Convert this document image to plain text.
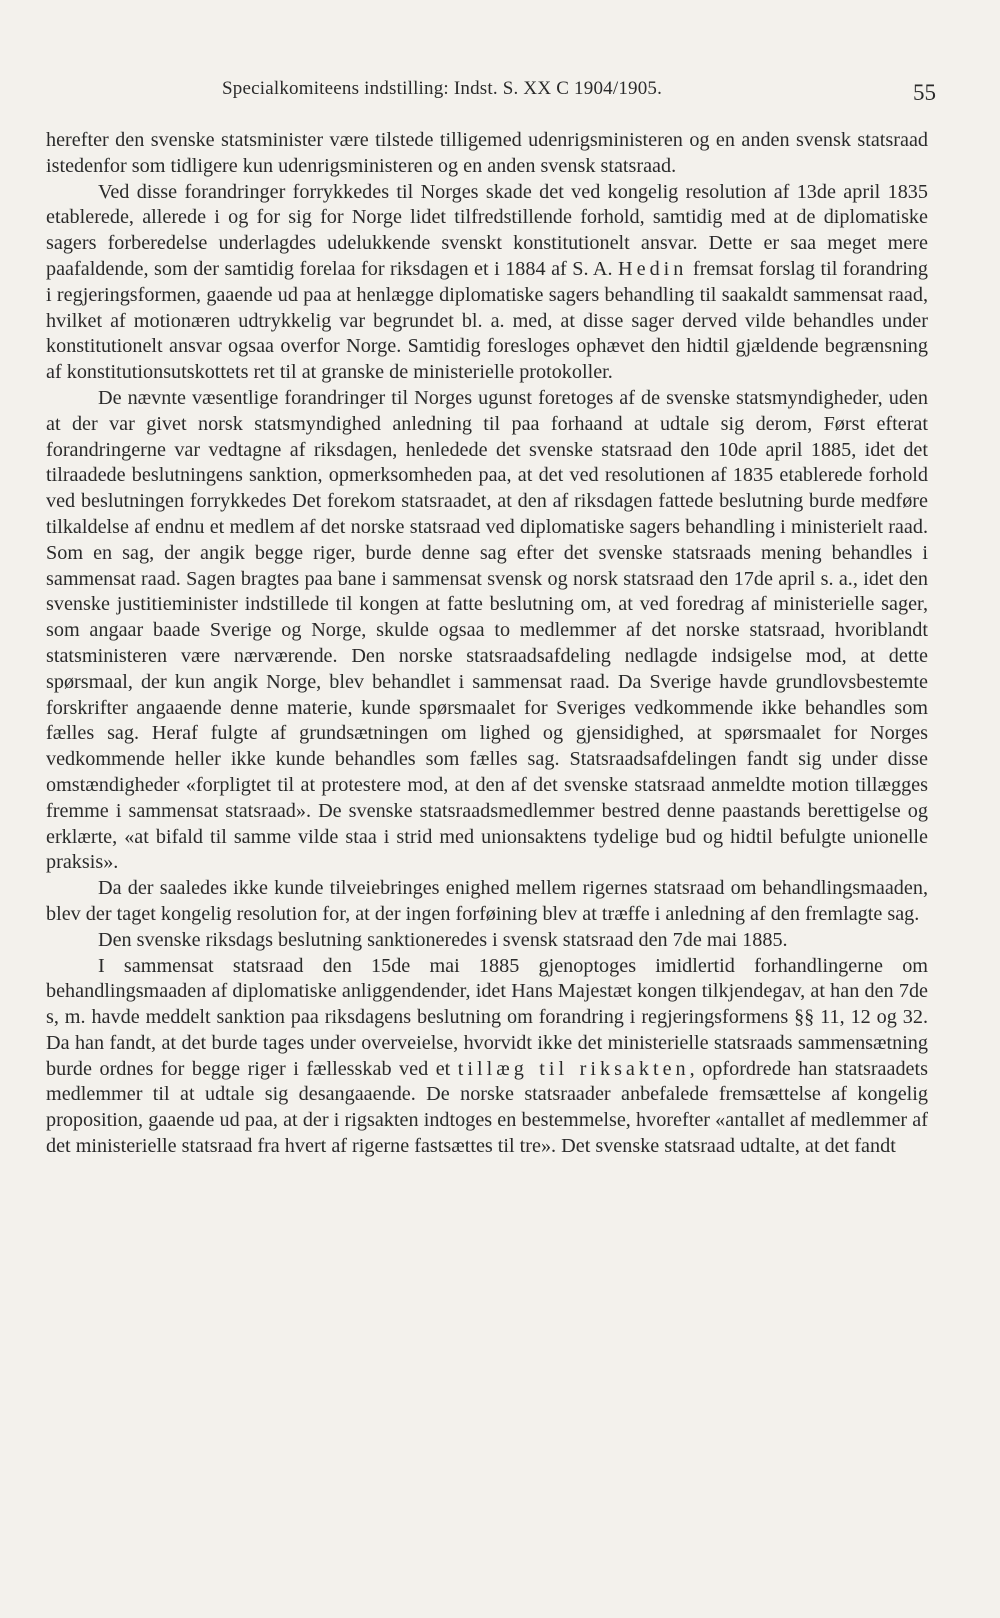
Specialkomiteens indstilling: Indst. S. XX C 1904/1905.	55

herefter den svenske statsminister være tilstede tilligemed udenrigsministeren og en anden svensk statsraad istedenfor som tidligere kun udenrigsministeren og en anden svensk statsraad.

Ved disse forandringer forrykkedes til Norges skade det ved kongelig resolution af 13de april 1835 etablerede, allerede i og for sig for Norge lidet tilfredstillende forhold, samtidig med at de diplomatiske sagers forberedelse underlagdes udelukkende svenskt konstitutionelt ansvar. Dette er saa meget mere paafaldende, som der samtidig forelaa for riksdagen et i 1884 af S. A. Hedin fremsat forslag til forandring i regjeringsformen, gaaende ud paa at henlægge diplomatiske sagers behandling til saakaldt sammensat raad, hvilket af motionæren udtrykkelig var begrundet bl. a. med, at disse sager derved vilde behandles under konstitutionelt ansvar ogsaa overfor Norge. Samtidig foresloges ophævet den hidtil gjældende begrænsning af konstitutionsutskottets ret til at granske de ministerielle protokoller.

De nævnte væsentlige forandringer til Norges ugunst foretoges af de svenske statsmyndigheder, uden at der var givet norsk statsmyndighed anledning til paa forhaand at udtale sig derom, Først efterat forandringerne var vedtagne af riksdagen, henledede det svenske statsraad den 10de april 1885, idet det tilraadede beslutningens sanktion, opmerksomheden paa, at det ved resolutionen af 1835 etablerede forhold ved beslutningen forrykkedes Det forekom statsraadet, at den af riksdagen fattede beslutning burde medføre tilkaldelse af endnu et medlem af det norske statsraad ved diplomatiske sagers behandling i ministerielt raad. Som en sag, der angik begge riger, burde denne sag efter det svenske statsraads mening behandles i sammensat raad. Sagen bragtes paa bane i sammensat svensk og norsk statsraad den 17de april s. a., idet den svenske justitieminister indstillede til kongen at fatte beslutning om, at ved foredrag af ministerielle sager, som angaar baade Sverige og Norge, skulde ogsaa to medlemmer af det norske statsraad, hvoriblandt statsministeren være nærværende. Den norske statsraadsafdeling nedlagde indsigelse mod, at dette spørsmaal, der kun angik Norge, blev behandlet i sammensat raad. Da Sverige havde grundlovsbestemte forskrifter angaaende denne materie, kunde spørsmaalet for Sveriges vedkommende ikke behandles som fælles sag. Heraf fulgte af grundsætningen om lighed og gjensidighed, at spørsmaalet for Norges vedkommende heller ikke kunde behandles som fælles sag. Statsraadsafdelingen fandt sig under disse omstændigheder «forpligtet til at protestere mod, at den af det svenske statsraad anmeldte motion tillægges fremme i sammensat statsraad». De svenske statsraadsmedlemmer bestred denne paastands berettigelse og erklærte, «at bifald til samme vilde staa i strid med unionsaktens tydelige bud og hidtil befulgte unionelle praksis».

Da der saaledes ikke kunde tilveiebringes enighed mellem rigernes statsraad om behandlingsmaaden, blev der taget kongelig resolution for, at der ingen forføining blev at træffe i anledning af den fremlagte sag.

Den svenske riksdags beslutning sanktioneredes i svensk statsraad den 7de mai 1885.

I sammensat statsraad den 15de mai 1885 gjenoptoges imidlertid forhandlingerne om behandlingsmaaden af diplomatiske anliggendender, idet Hans Majestæt kongen tilkjendegav, at han den 7de s, m. havde meddelt sanktion paa riksdagens beslutning om forandring i regjeringsformens §§ 11, 12 og 32. Da han fandt, at det burde tages under overveielse, hvorvidt ikke det ministerielle statsraads sammensætning burde ordnes for begge riger i fællesskab ved et tillæg til riksakten, opfordrede han statsraadets medlemmer til at udtale sig desangaaende. De norske statsraader anbefalede fremsættelse af kongelig proposition, gaaende ud paa, at der i rigsakten indtoges en bestemmelse, hvorefter «antallet af medlemmer af det ministerielle statsraad fra hvert af rigerne fastsættes til tre». Det svenske statsraad udtalte, at det fandt
